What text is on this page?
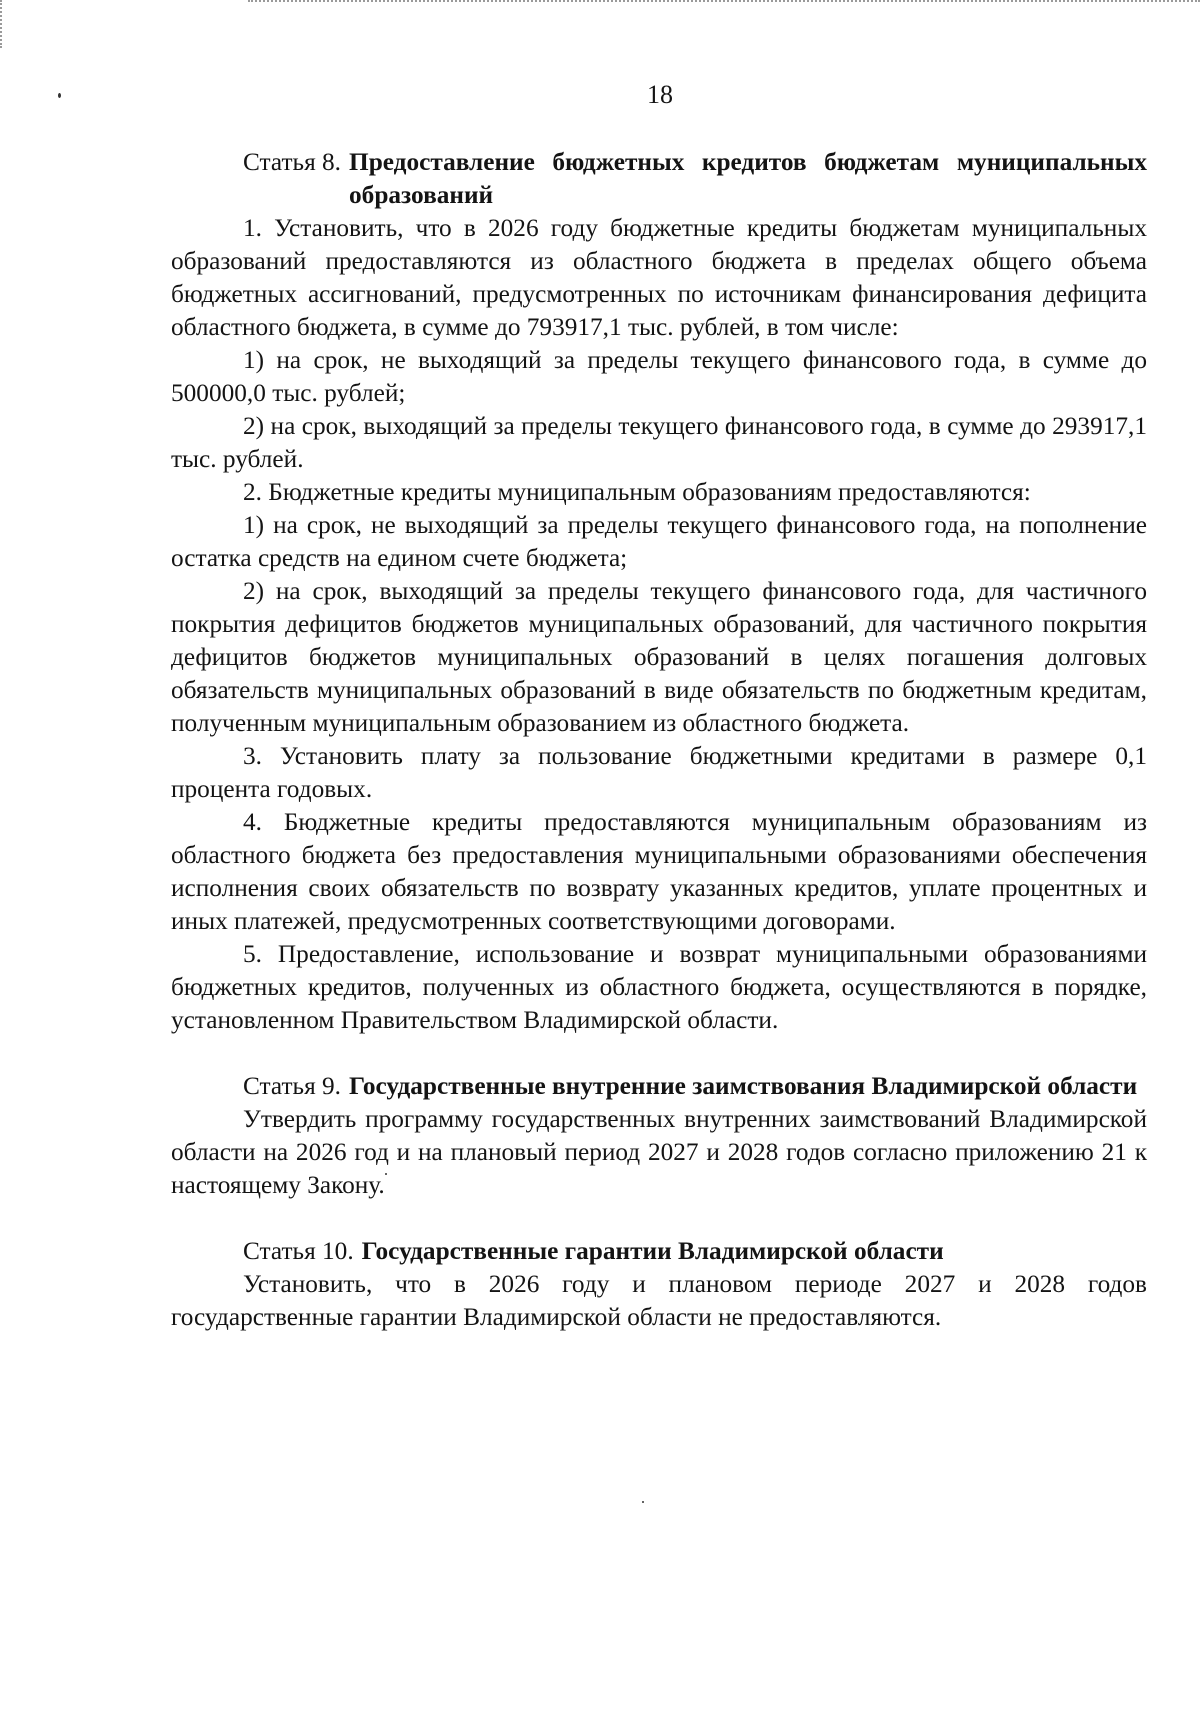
18
Статья 8. Предоставление бюджетных кредитов бюджетам муниципальных образований

1. Установить, что в 2026 году бюджетные кредиты бюджетам муниципальных образований предоставляются из областного бюджета в пределах общего объема бюджетных ассигнований, предусмотренных по источникам финансирования дефицита областного бюджета, в сумме до 793917,1 тыс. рублей, в том числе:

1) на срок, не выходящий за пределы текущего финансового года, в сумме до 500000,0 тыс. рублей;

2) на срок, выходящий за пределы текущего финансового года, в сумме до 293917,1 тыс. рублей.

2. Бюджетные кредиты муниципальным образованиям предоставляются:

1) на срок, не выходящий за пределы текущего финансового года, на пополнение остатка средств на едином счете бюджета;

2) на срок, выходящий за пределы текущего финансового года, для частичного покрытия дефицитов бюджетов муниципальных образований, для частичного покрытия дефицитов бюджетов муниципальных образований в целях погашения долговых обязательств муниципальных образований в виде обязательств по бюджетным кредитам, полученным муниципальным образованием из областного бюджета.

3. Установить плату за пользование бюджетными кредитами в размере 0,1 процента годовых.

4. Бюджетные кредиты предоставляются муниципальным образованиям из областного бюджета без предоставления муниципальными образованиями обеспечения исполнения своих обязательств по возврату указанных кредитов, уплате процентных и иных платежей, предусмотренных соответствующими договорами.

5. Предоставление, использование и возврат муниципальными образованиями бюджетных кредитов, полученных из областного бюджета, осуществляются в порядке, установленном Правительством Владимирской области.

Статья 9. Государственные внутренние заимствования Владимирской области

Утвердить программу государственных внутренних заимствований Владимирской области на 2026 год и на плановый период 2027 и 2028 годов согласно приложению 21 к настоящему Закону.

Статья 10. Государственные гарантии Владимирской области

Установить, что в 2026 году и плановом периоде 2027 и 2028 годов государственные гарантии Владимирской области не предоставляются.
